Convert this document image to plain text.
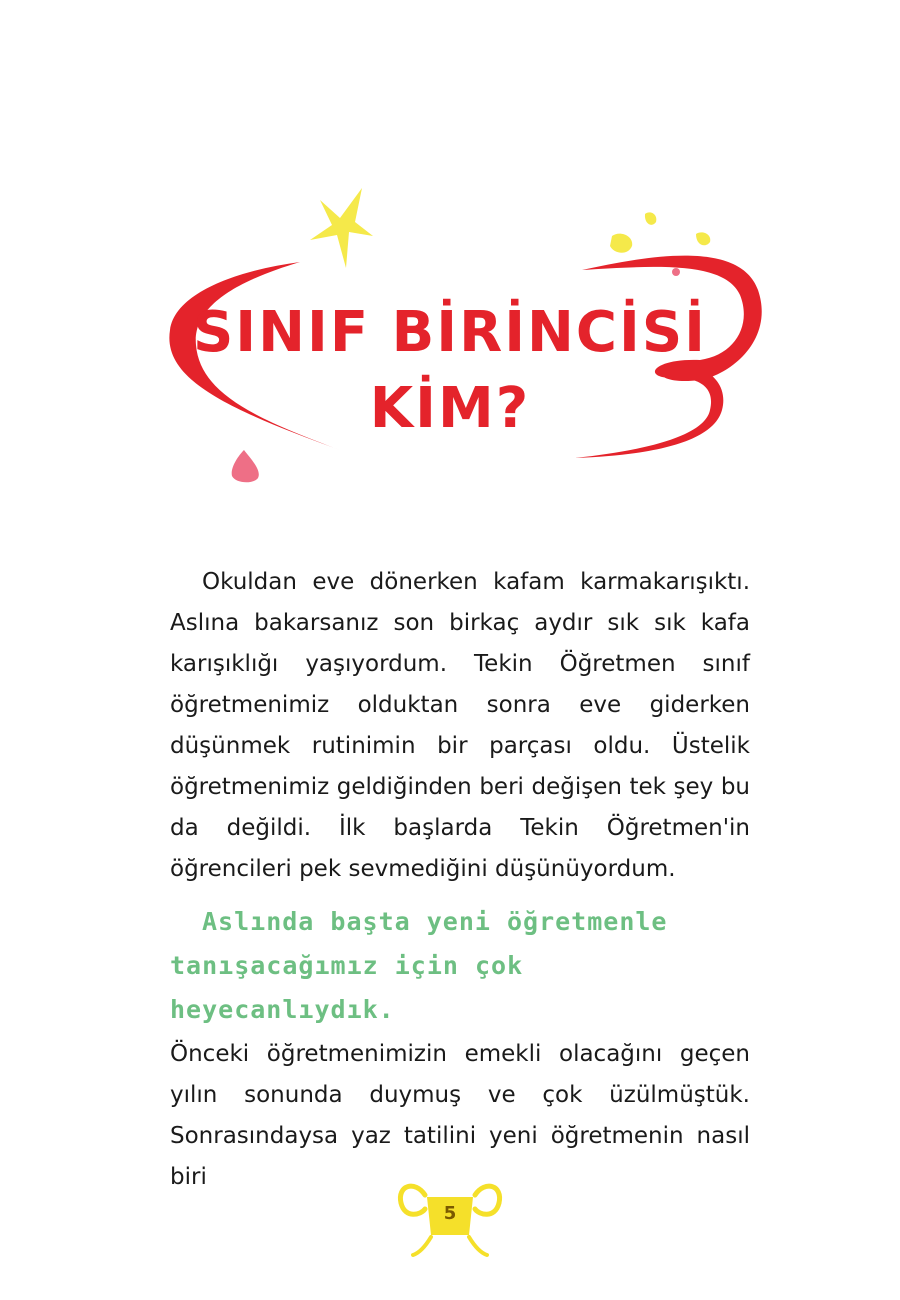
SINIF BİRİNCİSİ
KİM?

Okuldan eve dönerken kafam karmakarışıktı. Aslına bakarsanız son birkaç aydır sık sık kafa karışıklığı yaşıyordum. Tekin Öğretmen sınıf öğretmenimiz olduktan sonra eve giderken düşünmek rutinimin bir parçası oldu. Üstelik öğretmenimiz geldiğinden beri değişen tek şey bu da değildi. İlk başlarda Tekin Öğretmen'in öğrencileri pek sevmediğini düşünüyordum.

Aslında başta yeni öğretmenle
tanışacağımız için çok heyecanlıydık.

Önceki öğretmenimizin emekli olacağını geçen yılın sonunda duymuş ve çok üzülmüştük. Sonrasındaysa yaz tatilini yeni öğretmenin nasıl biri

5
